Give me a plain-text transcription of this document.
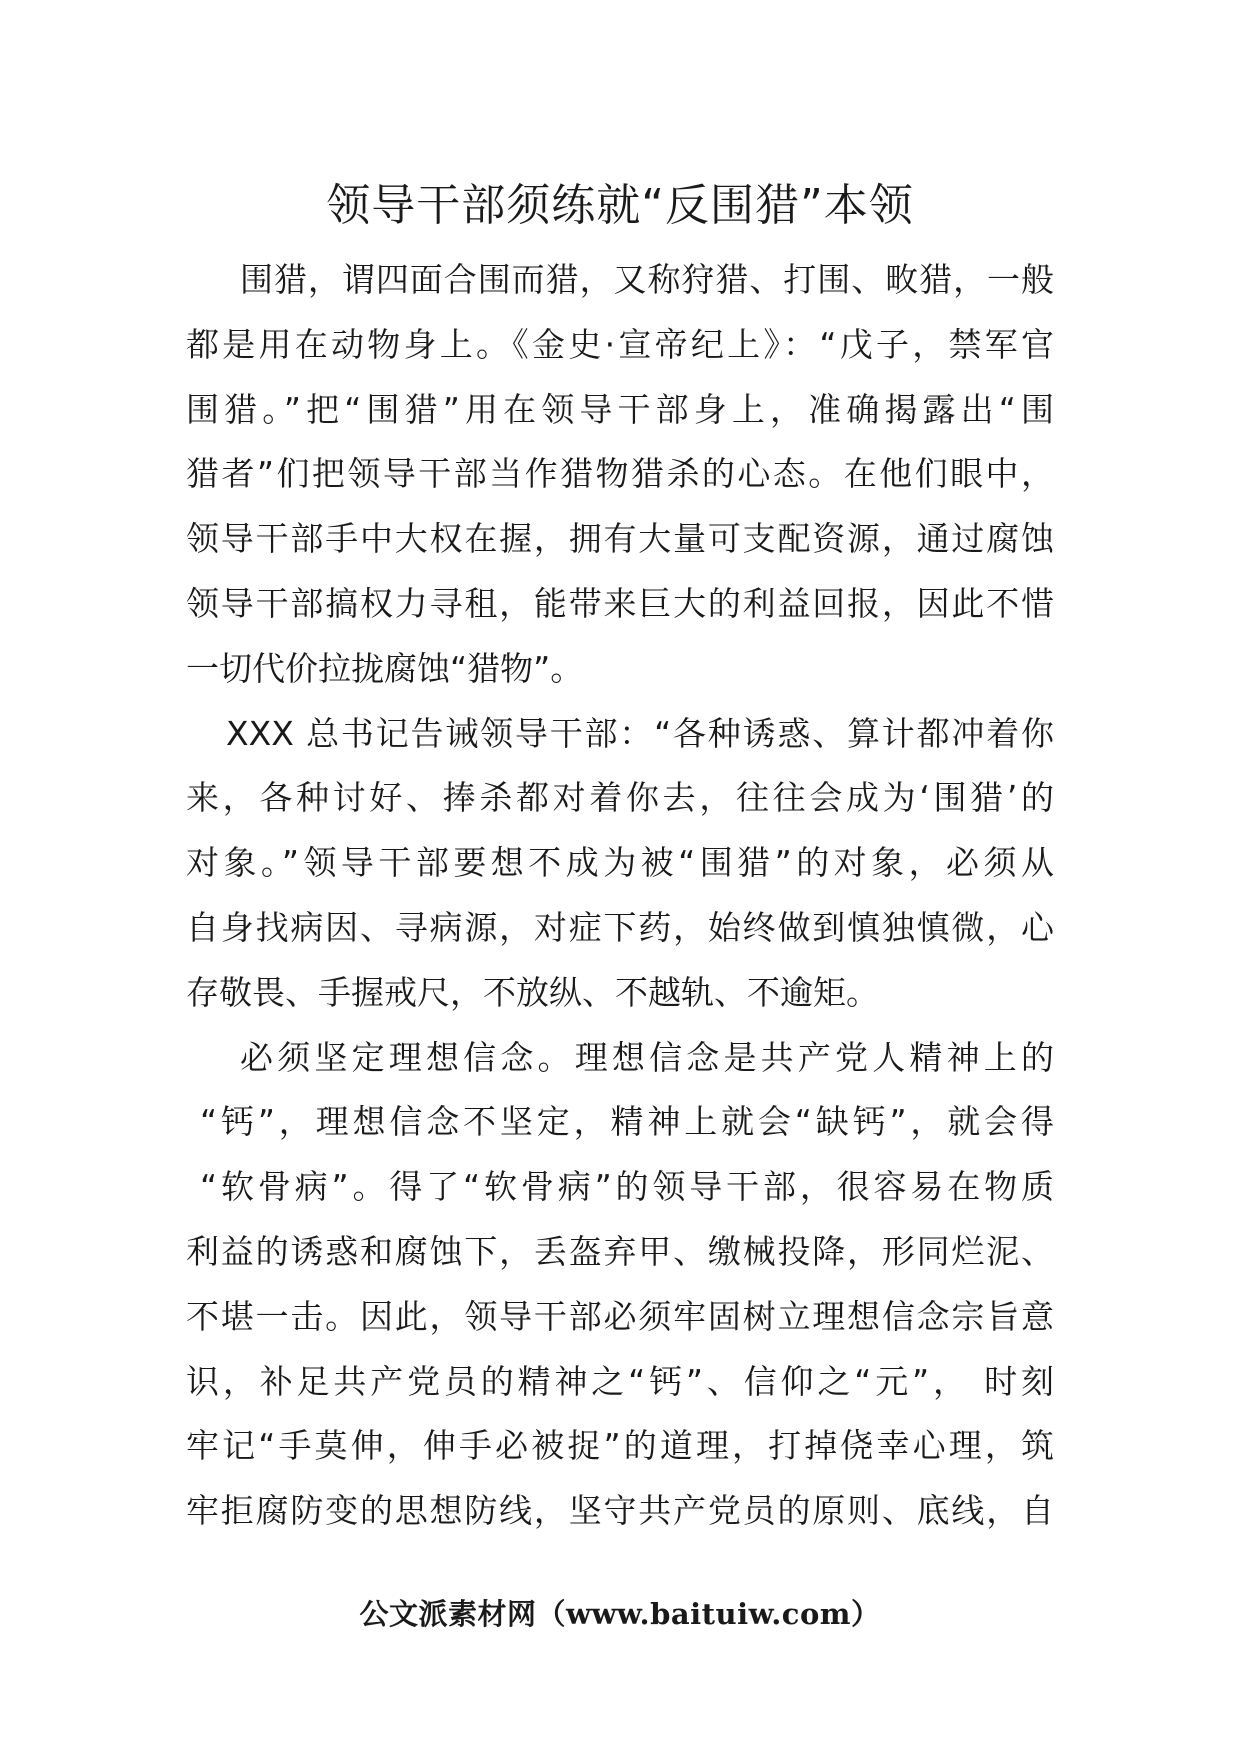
领导干部须练就“反围猎”本领
围猎，谓四面合围而猎，又称狩猎、打围、畋猎，一般
都是用在动物身上。《金史·宣帝纪上》：“戊子，禁军官
围猎。”把“围猎”用在领导干部身上，准确揭露出“围
猎者”们把领导干部当作猎物猎杀的心态。在他们眼中，
领导干部手中大权在握，拥有大量可支配资源，通过腐蚀
领导干部搞权力寻租，能带来巨大的利益回报，因此不惜
一切代价拉拢腐蚀“猎物”。
XXX 总书记告诫领导干部：“各种诱惑、算计都冲着你
来，各种讨好、捧杀都对着你去，往往会成为‘围猎’的
对象。”领导干部要想不成为被“围猎”的对象，必须从
自身找病因、寻病源，对症下药，始终做到慎独慎微，心
存敬畏、手握戒尺，不放纵、不越轨、不逾矩。
必须坚定理想信念。理想信念是共产党人精神上的
“钙”，理想信念不坚定，精神上就会“缺钙”，就会得
“软骨病”。得了“软骨病”的领导干部，很容易在物质
利益的诱惑和腐蚀下，丢盔弃甲、缴械投降，形同烂泥、
不堪一击。因此，领导干部必须牢固树立理想信念宗旨意
识，补足共产党员的精神之“钙”、信仰之“元”， 时刻
牢记“手莫伸，伸手必被捉”的道理，打掉侥幸心理，筑
牢拒腐防变的思想防线，坚守共产党员的原则、底线，自
公文派素材网（www.baituiw.com）
